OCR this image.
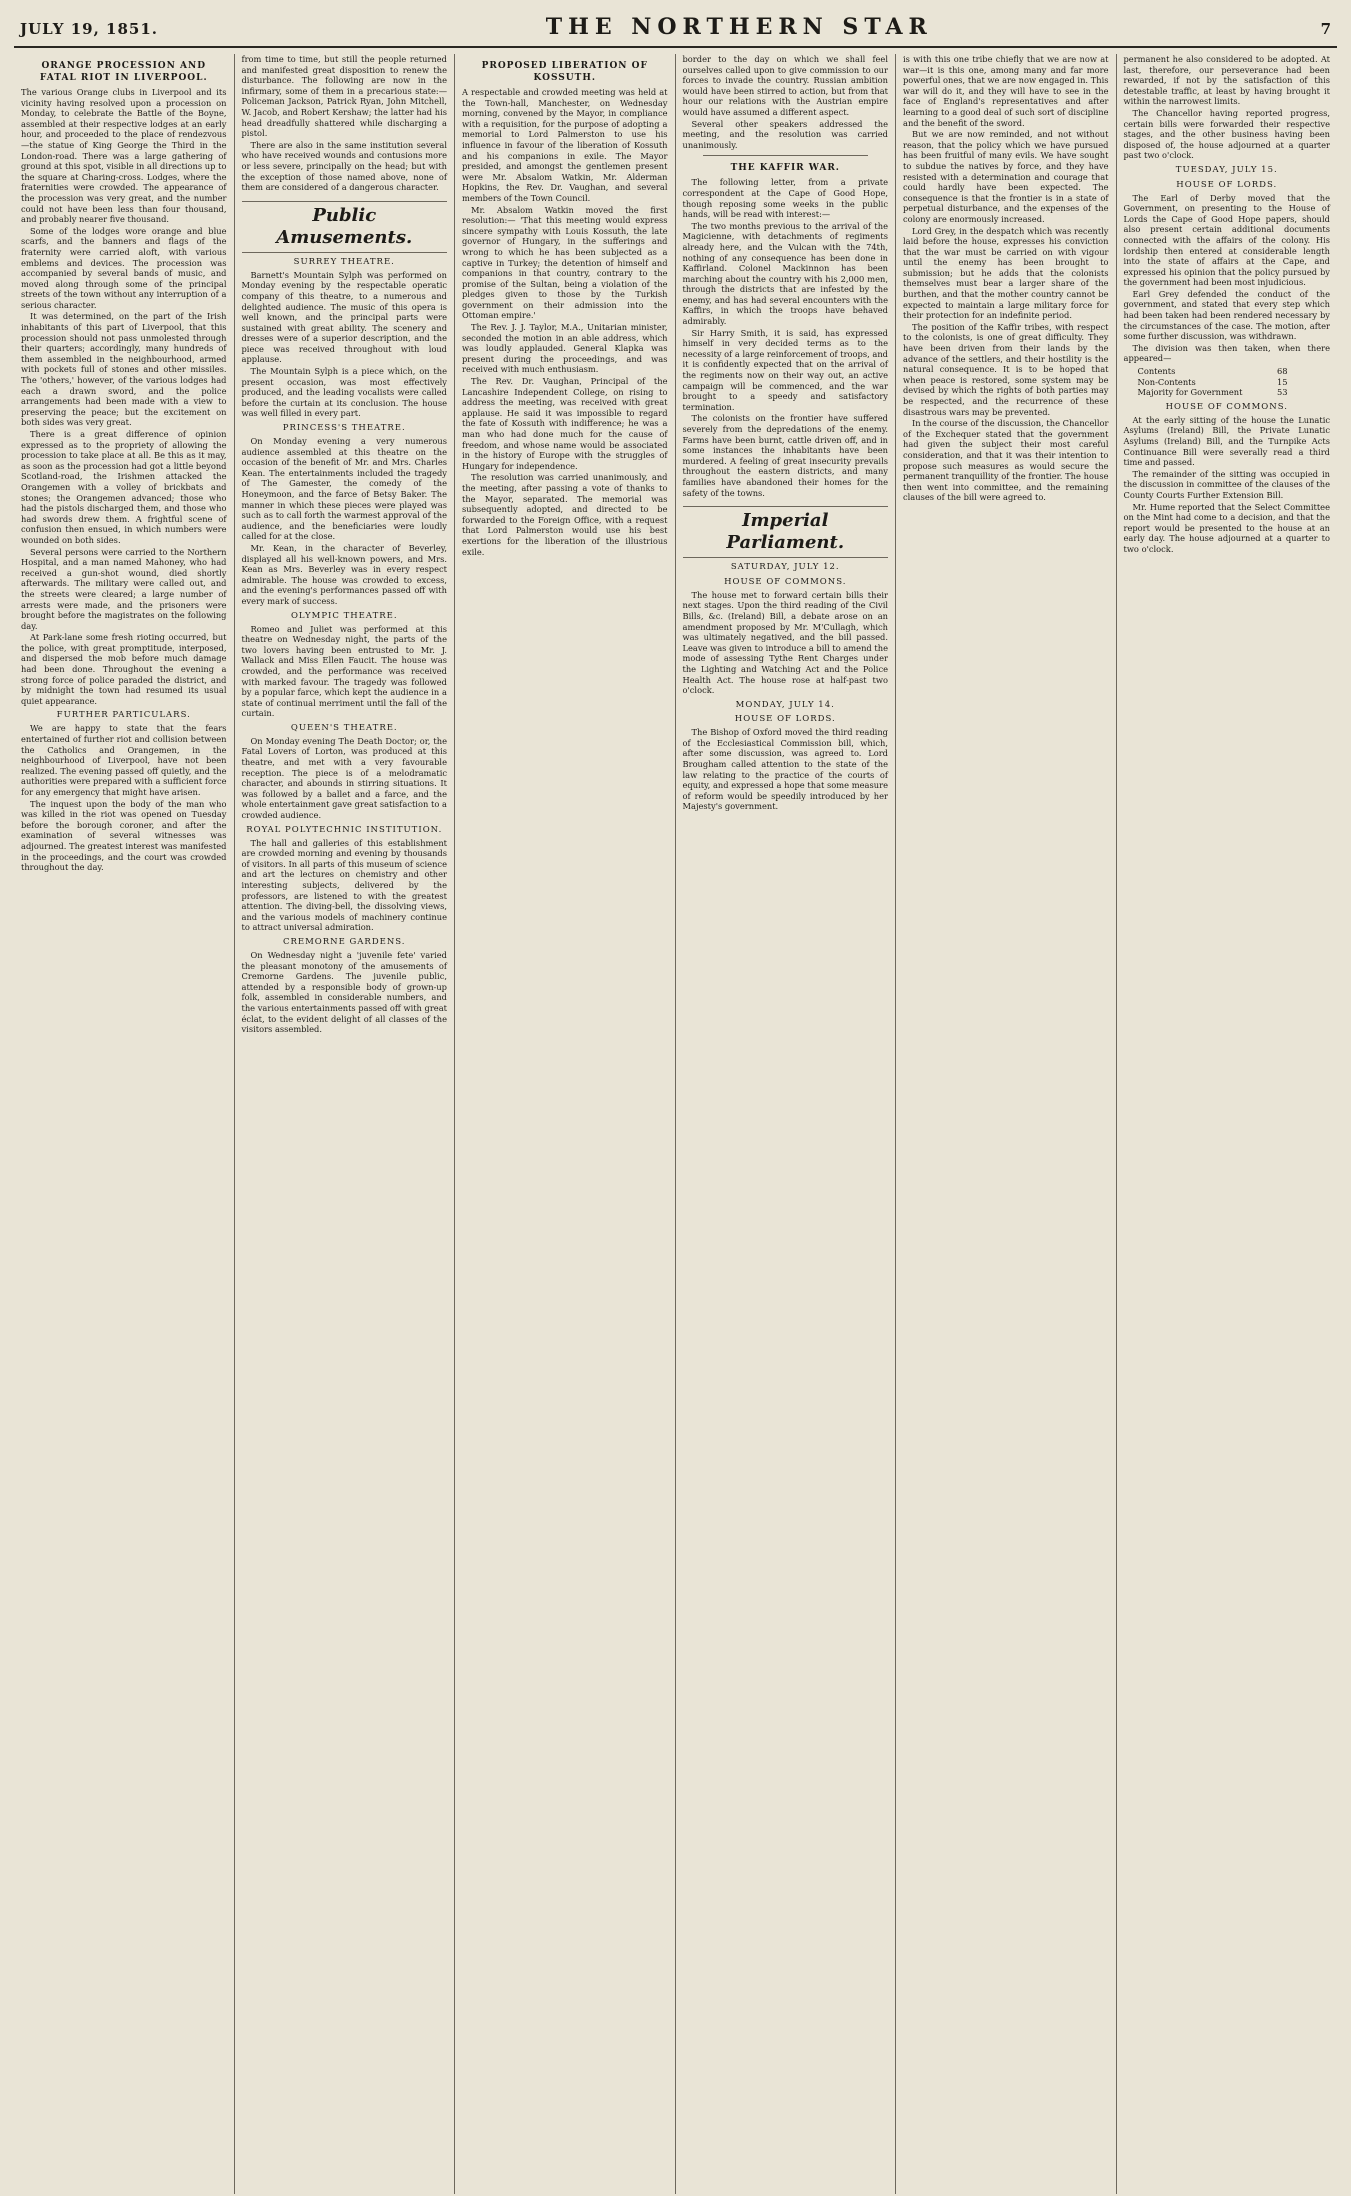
JULY 19, 1851.	THE NORTHERN STAR	7
ORANGE PROCESSION AND FATAL RIOT IN LIVERPOOL.

The various Orange clubs in Liverpool and its vicinity having resolved upon a procession on Monday, to celebrate the Battle of the Boyne, assembled at their respective lodges at an early hour, and proceeded to the place of rendezvous—the statue of King George the Third in the London-road. There was a large gathering of ground at this spot, visible in all directions up to the square at Charing-cross. Lodges, where the fraternities were crowded. The appearance of the procession was very great, and the number could not have been less than four thousand, and probably nearer five thousand.

Some of the lodges wore orange and blue scarfs, and the banners and flags of the fraternity were carried aloft, with various emblems and devices. The procession was accompanied by several bands of music, and moved along through some of the principal streets of the town without any interruption of a serious character.

It was determined, on the part of the Irish inhabitants of this part of Liverpool, that this procession should not pass unmolested through their quarters; accordingly, many hundreds of them assembled in the neighbourhood, armed with pockets full of stones and other missiles. The 'others,' however, of the various lodges had each a drawn sword, and the police arrangements had been made with a view to preserving the peace; but the excitement on both sides was very great.

There is a great difference of opinion expressed as to the propriety of allowing the procession to take place at all. Be this as it may, as soon as the procession had got a little beyond Scotland-road, the Irishmen attacked the Orangemen with a volley of brickbats and stones; the Orangemen advanced; those who had the pistols discharged them, and those who had swords drew them. A frightful scene of confusion then ensued, in which numbers were wounded on both sides.

Several persons were carried to the Northern Hospital, and a man named Mahoney, who had received a gun-shot wound, died shortly afterwards. The military were called out, and the streets were cleared; a large number of arrests were made, and the prisoners were brought before the magistrates on the following day.

At Park-lane some fresh rioting occurred, but the police, with great promptitude, interposed, and dispersed the mob before much damage had been done. Throughout the evening a strong force of police paraded the district, and by midnight the town had resumed its usual quiet appearance.

FURTHER PARTICULARS.

We are happy to state that the fears entertained of further riot and collision between the Catholics and Orangemen, in the neighbourhood of Liverpool, have not been realized. The evening passed off quietly, and the authorities were prepared with a sufficient force for any emergency that might have arisen.

The inquest upon the body of the man who was killed in the riot was opened on Tuesday before the borough coroner, and after the examination of several witnesses was adjourned. The greatest interest was manifested in the proceedings, and the court was crowded throughout the day.

from time to time, but still the people returned and manifested great disposition to renew the disturbance. The following are now in the infirmary, some of them in a precarious state:—Policeman Jackson, Patrick Ryan, John Mitchell, W. Jacob, and Robert Kershaw; the latter had his head dreadfully shattered while discharging a pistol.

There are also in the same institution several who have received wounds and contusions more or less severe, principally on the head; but with the exception of those named above, none of them are considered of a dangerous character.

Public Amusements.
SURREY THEATRE.

Barnett's Mountain Sylph was performed on Monday evening by the respectable operatic company of this theatre, to a numerous and delighted audience. The music of this opera is well known, and the principal parts were sustained with great ability. The scenery and dresses were of a superior description, and the piece was received throughout with loud applause.

The Mountain Sylph is a piece which, on the present occasion, was most effectively produced, and the leading vocalists were called before the curtain at its conclusion. The house was well filled in every part.

PRINCESS'S THEATRE.

On Monday evening a very numerous audience assembled at this theatre on the occasion of the benefit of Mr. and Mrs. Charles Kean. The entertainments included the tragedy of The Gamester, the comedy of the Honeymoon, and the farce of Betsy Baker. The manner in which these pieces were played was such as to call forth the warmest approval of the audience, and the beneficiaries were loudly called for at the close.

Mr. Kean, in the character of Beverley, displayed all his well-known powers, and Mrs. Kean as Mrs. Beverley was in every respect admirable. The house was crowded to excess, and the evening's performances passed off with every mark of success.

OLYMPIC THEATRE.

Romeo and Juliet was performed at this theatre on Wednesday night, the parts of the two lovers having been entrusted to Mr. J. Wallack and Miss Ellen Faucit. The house was crowded, and the performance was received with marked favour. The tragedy was followed by a popular farce, which kept the audience in a state of continual merriment until the fall of the curtain.

QUEEN'S THEATRE.

On Monday evening The Death Doctor; or, the Fatal Lovers of Lorton, was produced at this theatre, and met with a very favourable reception. The piece is of a melodramatic character, and abounds in stirring situations. It was followed by a ballet and a farce, and the whole entertainment gave great satisfaction to a crowded audience.

ROYAL POLYTECHNIC INSTITUTION.

The hall and galleries of this establishment are crowded morning and evening by thousands of visitors. In all parts of this museum of science and art the lectures on chemistry and other interesting subjects, delivered by the professors, are listened to with the greatest attention. The diving-bell, the dissolving views, and the various models of machinery continue to attract universal admiration.

CREMORNE GARDENS.

On Wednesday night a 'juvenile fete' varied the pleasant monotony of the amusements of Cremorne Gardens. The juvenile public, attended by a responsible body of grown-up folk, assembled in considerable numbers, and the various entertainments passed off with great éclat, to the evident delight of all classes of the visitors assembled.

PROPOSED LIBERATION OF KOSSUTH.

A respectable and crowded meeting was held at the Town-hall, Manchester, on Wednesday morning, convened by the Mayor, in compliance with a requisition, for the purpose of adopting a memorial to Lord Palmerston to use his influence in favour of the liberation of Kossuth and his companions in exile. The Mayor presided, and amongst the gentlemen present were Mr. Absalom Watkin, Mr. Alderman Hopkins, the Rev. Dr. Vaughan, and several members of the Town Council.

Mr. Absalom Watkin moved the first resolution:— 'That this meeting would express sincere sympathy with Louis Kossuth, the late governor of Hungary, in the sufferings and wrong to which he has been subjected as a captive in Turkey; the detention of himself and companions in that country, contrary to the promise of the Sultan, being a violation of the pledges given to those by the Turkish government on their admission into the Ottoman empire.'

The Rev. J. J. Taylor, M.A., Unitarian minister, seconded the motion in an able address, which was loudly applauded. General Klapka was present during the proceedings, and was received with much enthusiasm.

The Rev. Dr. Vaughan, Principal of the Lancashire Independent College, on rising to address the meeting, was received with great applause. He said it was impossible to regard the fate of Kossuth with indifference; he was a man who had done much for the cause of freedom, and whose name would be associated in the history of Europe with the struggles of Hungary for independence.

The resolution was carried unanimously, and the meeting, after passing a vote of thanks to the Mayor, separated. The memorial was subsequently adopted, and directed to be forwarded to the Foreign Office, with a request that Lord Palmerston would use his best exertions for the liberation of the illustrious exile.

border to the day on which we shall feel ourselves called upon to give commission to our forces to invade the country. Russian ambition would have been stirred to action, but from that hour our relations with the Austrian empire would have assumed a different aspect.

Several other speakers addressed the meeting, and the resolution was carried unanimously.

THE KAFFIR WAR.

The following letter, from a private correspondent at the Cape of Good Hope, though reposing some weeks in the public hands, will be read with interest:—

The two months previous to the arrival of the Magicienne, with detachments of regiments already here, and the Vulcan with the 74th, nothing of any consequence has been done in Kaffirland. Colonel Mackinnon has been marching about the country with his 2,000 men, through the districts that are infested by the enemy, and has had several encounters with the Kaffirs, in which the troops have behaved admirably.

Sir Harry Smith, it is said, has expressed himself in very decided terms as to the necessity of a large reinforcement of troops, and it is confidently expected that on the arrival of the regiments now on their way out, an active campaign will be commenced, and the war brought to a speedy and satisfactory termination.

The colonists on the frontier have suffered severely from the depredations of the enemy. Farms have been burnt, cattle driven off, and in some instances the inhabitants have been murdered. A feeling of great insecurity prevails throughout the eastern districts, and many families have abandoned their homes for the safety of the towns.

Imperial Parliament.
SATURDAY, JULY 12.
HOUSE OF COMMONS.

The house met to forward certain bills their next stages. Upon the third reading of the Civil Bills, &c. (Ireland) Bill, a debate arose on an amendment proposed by Mr. M'Cullagh, which was ultimately negatived, and the bill passed. Leave was given to introduce a bill to amend the mode of assessing Tythe Rent Charges under the Lighting and Watching Act and the Police Health Act. The house rose at half-past two o'clock.

MONDAY, JULY 14.
HOUSE OF LORDS.

The Bishop of Oxford moved the third reading of the Ecclesiastical Commission bill, which, after some discussion, was agreed to. Lord Brougham called attention to the state of the law relating to the practice of the courts of equity, and expressed a hope that some measure of reform would be speedily introduced by her Majesty's government.

is with this one tribe chiefly that we are now at war—it is this one, among many and far more powerful ones, that we are now engaged in. This war will do it, and they will have to see in the face of England's representatives and after learning to a good deal of such sort of discipline and the benefit of the sword.

But we are now reminded, and not without reason, that the policy which we have pursued has been fruitful of many evils. We have sought to subdue the natives by force, and they have resisted with a determination and courage that could hardly have been expected. The consequence is that the frontier is in a state of perpetual disturbance, and the expenses of the colony are enormously increased.

Lord Grey, in the despatch which was recently laid before the house, expresses his conviction that the war must be carried on with vigour until the enemy has been brought to submission; but he adds that the colonists themselves must bear a larger share of the burthen, and that the mother country cannot be expected to maintain a large military force for their protection for an indefinite period.

The position of the Kaffir tribes, with respect to the colonists, is one of great difficulty. They have been driven from their lands by the advance of the settlers, and their hostility is the natural consequence. It is to be hoped that when peace is restored, some system may be devised by which the rights of both parties may be respected, and the recurrence of these disastrous wars may be prevented.

In the course of the discussion, the Chancellor of the Exchequer stated that the government had given the subject their most careful consideration, and that it was their intention to propose such measures as would secure the permanent tranquillity of the frontier. The house then went into committee, and the remaining clauses of the bill were agreed to.

permanent he also considered to be adopted. At last, therefore, our perseverance had been rewarded, if not by the satisfaction of this detestable traffic, at least by having brought it within the narrowest limits.

The Chancellor having reported progress, certain bills were forwarded their respective stages, and the other business having been disposed of, the house adjourned at a quarter past two o'clock.

TUESDAY, JULY 15.
HOUSE OF LORDS.

The Earl of Derby moved that the Government, on presenting to the House of Lords the Cape of Good Hope papers, should also present certain additional documents connected with the affairs of the colony. His lordship then entered at considerable length into the state of affairs at the Cape, and expressed his opinion that the policy pursued by the government had been most injudicious.

Earl Grey defended the conduct of the government, and stated that every step which had been taken had been rendered necessary by the circumstances of the case. The motion, after some further discussion, was withdrawn.

The division was then taken, when there appeared—

Contents	68
Non-Contents	15
Majority for Government	53
HOUSE OF COMMONS.

At the early sitting of the house the Lunatic Asylums (Ireland) Bill, the Private Lunatic Asylums (Ireland) Bill, and the Turnpike Acts Continuance Bill were severally read a third time and passed.

The remainder of the sitting was occupied in the discussion in committee of the clauses of the County Courts Further Extension Bill.

Mr. Hume reported that the Select Committee on the Mint had come to a decision, and that the report would be presented to the house at an early day. The house adjourned at a quarter to two o'clock.
